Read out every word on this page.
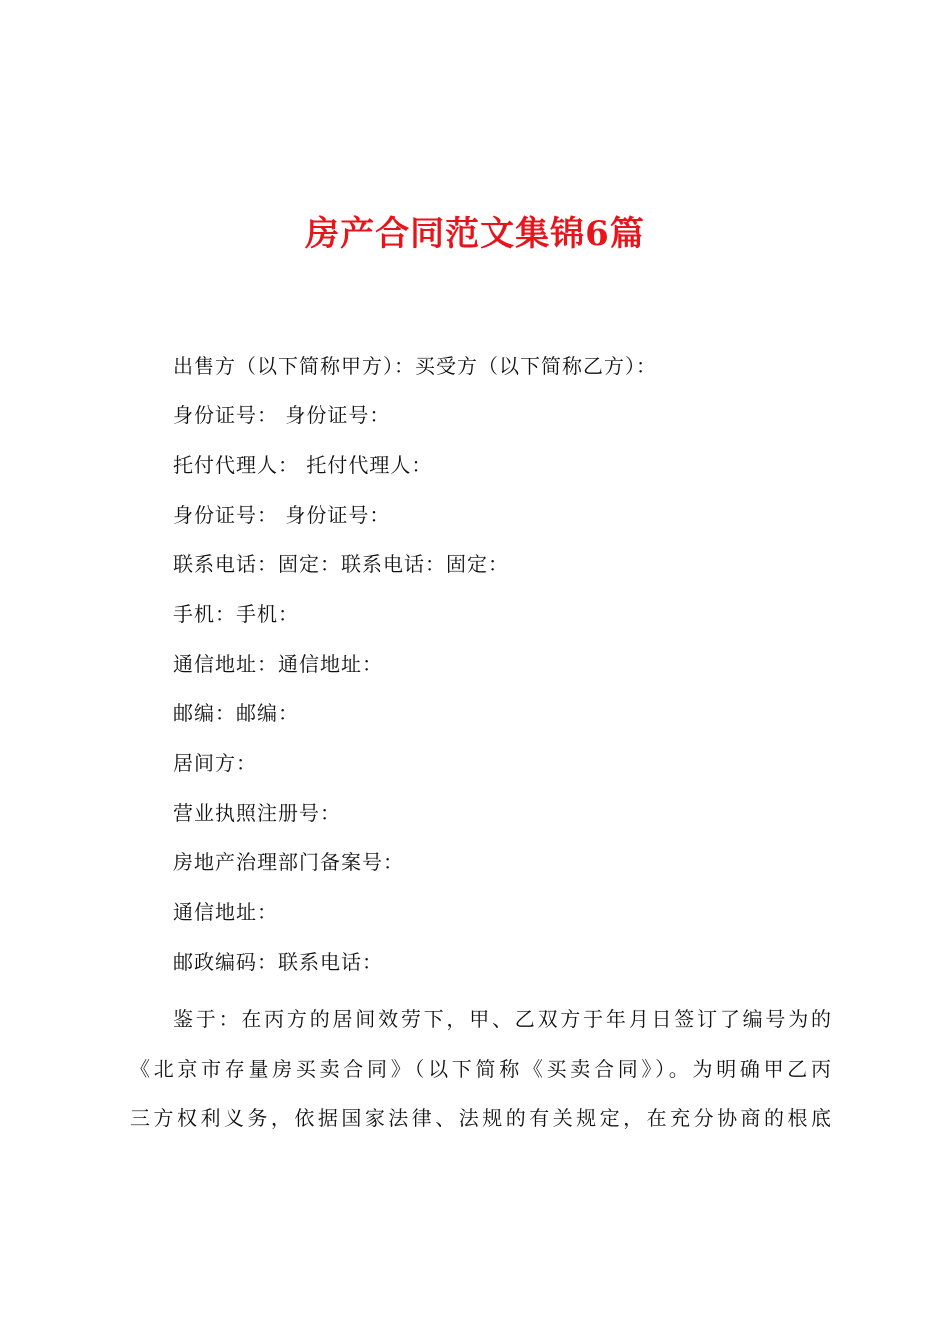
房产合同范文集锦6篇
出售方（以下简称甲方）：买受方（以下简称乙方）：
身份证号： 身份证号：
托付代理人： 托付代理人：
身份证号： 身份证号：
联系电话：固定：联系电话：固定：
手机：手机：
通信地址：通信地址：
邮编：邮编：
居间方：
营业执照注册号：
房地产治理部门备案号：
通信地址：
邮政编码：联系电话：
鉴于：在丙方的居间效劳下，甲、乙双方于年月日签订了编号为的
《北京市存量房买卖合同》（以下简称《买卖合同》）。为明确甲乙丙
三方权利义务，依据国家法律、法规的有关规定，在充分协商的根底
